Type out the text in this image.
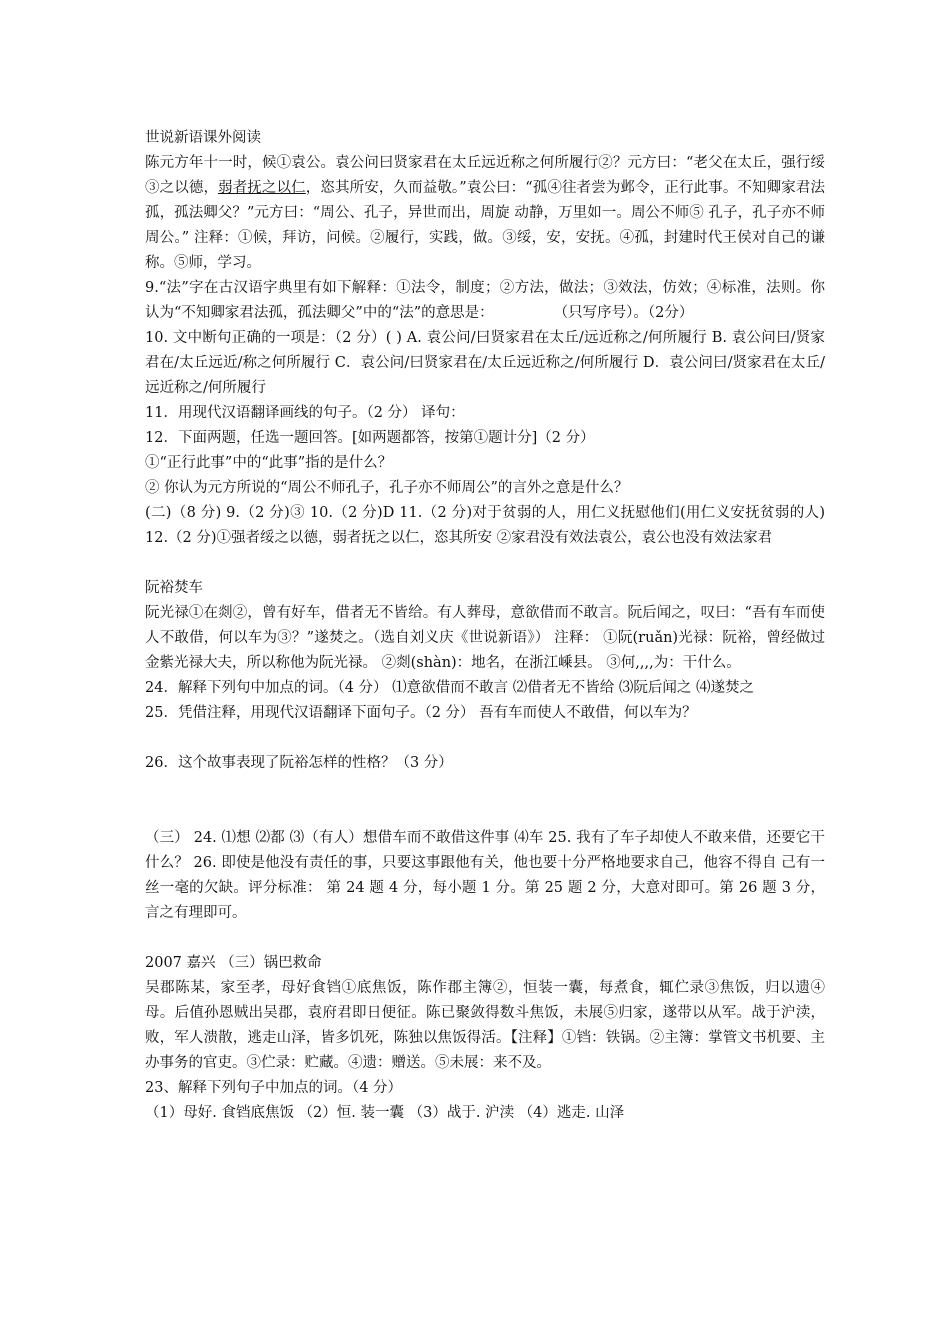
世说新语课外阅读

陈元方年十一时，候①袁公。袁公问曰贤家君在太丘远近称之何所履行②？元方曰：“老父在太丘，强行绥③之以德，弱者抚之以仁，恣其所安，久而益敬。”袁公曰：“孤④往者尝为邺令，正行此事。不知卿家君法孤，孤法卿父？”元方曰：“周公、孔子，异世而出，周旋 动静，万里如一。周公不师⑤ 孔子，孔子亦不师周公。” 注释：①候，拜访，问候。②履行，实践，做。③绥，安，安抚。④孤，封建时代王侯对自己的谦称。⑤师，学习。

9.“法”字在古汉语字典里有如下解释：①法令，制度；②方法，做法；③效法，仿效；④标准，法则。你认为“不知卿家君法孤，孤法卿父”中的“法”的意思是：	（只写序号）。（2分）

10. 文中断句正确的一项是：（2 分）( ) A. 袁公问/曰贤家君在太丘/远近称之/何所履行 B. 袁公问曰/贤家君在/太丘远近/称之何所履行 C．袁公问/曰贤家君在/太丘远近称之/何所履行 D．袁公问曰/贤家君在太丘/远近称之/何所履行

11．用现代汉语翻译画线的句子。（2 分） 译句：

12．下面两题，任选一题回答。[如两题都答，按第①题计分]（2 分）

①“正行此事”中的“此事”指的是什么？

② 你认为元方所说的“周公不师孔子，孔子亦不师周公”的言外之意是什么？

(二)（8 分) 9.（2 分)③ 10.（2 分)D 11.（2 分)对于贫弱的人，用仁义抚慰他们(用仁义安抚贫弱的人) 12.（2 分)①强者绥之以德，弱者抚之以仁，恣其所安 ②家君没有效法袁公，袁公也没有效法家君

阮裕焚车

阮光禄①在剡②，曾有好车，借者无不皆给。有人葬母，意欲借而不敢言。阮后闻之，叹曰：“吾有车而使人不敢借，何以车为③？”遂焚之。（选自刘义庆《世说新语》） 注释： ①阮(ruǎn)光禄：阮裕，曾经做过金紫光禄大夫，所以称他为阮光禄。 ②剡(shàn)：地名，在浙江嵊县。 ③何,,,,为：干什么。

24．解释下列句中加点的词。（4 分） ⑴意欲借而不敢言 ⑵借者无不皆给 ⑶阮后闻之 ⑷遂焚之

25．凭借注释，用现代汉语翻译下面句子。（2 分） 吾有车而使人不敢借，何以车为？

26．这个故事表现了阮裕怎样的性格？（3 分）

（三） 24. ⑴想 ⑵都 ⑶（有人）想借车而不敢借这件事 ⑷车 25. 我有了车子却使人不敢来借，还要它干什么？ 26. 即使是他没有责任的事，只要这事跟他有关，他也要十分严格地要求自己，他容不得自 己有一丝一毫的欠缺。评分标准： 第 24 题 4 分，每小题 1 分。第 25 题 2 分，大意对即可。第 26 题 3 分，言之有理即可。

2007 嘉兴 （三）锅巴救命

吴郡陈某，家至孝，母好食铛①底焦饭，陈作郡主簿②，恒装一囊，每煮食，辄伫录③焦饭，归以遗④母。后值孙恩贼出吴郡，袁府君即日便征。陈已聚敛得数斗焦饭，未展⑤归家，遂带以从军。战于沪渎，败，军人溃散，逃走山泽，皆多饥死，陈独以焦饭得活。【注释】①铛：铁锅。②主簿：掌管文书机要、主办事务的官吏。③伫录：贮藏。④遗：赠送。⑤未展：来不及。

23、解释下列句子中加点的词。（4 分）

（1）母好. 食铛底焦饭 （2）恒. 装一囊 （3）战于. 沪渎 （4）逃走. 山泽
